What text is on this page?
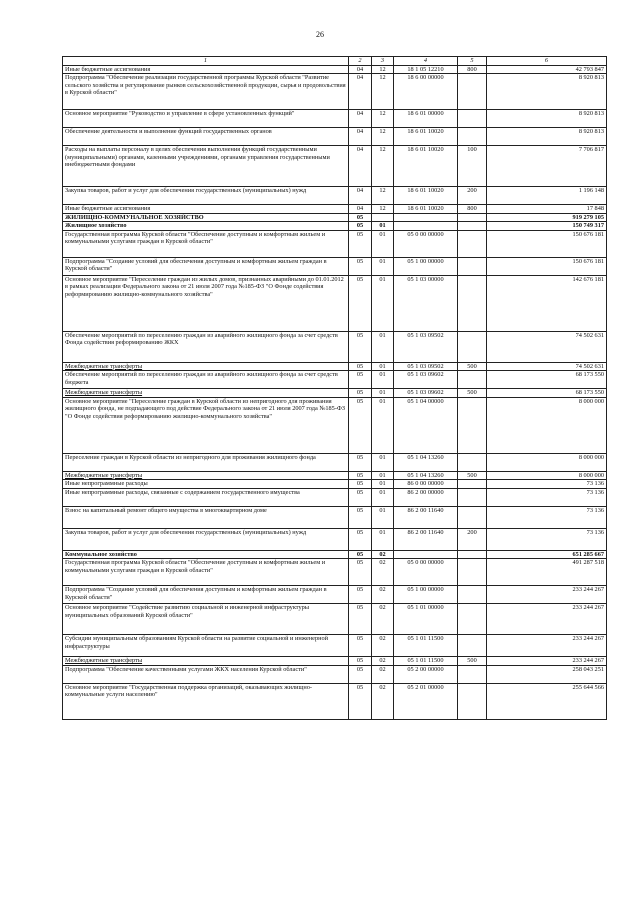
26
1	2	3	4	5	6
Иные бюджетные ассигнования	04	12	18 1 05 12210	800	42 793 847
Подпрограмма "Обеспечение реализации государственной программы Курской области "Развитие сельского хозяйства и регулирование рынков сельскохозяйственной продукции, сырья и продовольствия в Курской области"	04	12	18 6 00 00000		8 920 813
Основное мероприятие "Руководство и управление в сфере установленных функций"	04	12	18 6 01 00000		8 920 813
Обеспечение деятельности и выполнение функций государственных органов	04	12	18 6 01 10020		8 920 813
Расходы на выплаты персоналу в целях обеспечения выполнения функций государственными (муниципальными) органами, казенными учреждениями, органами управления государственными внебюджетными фондами	04	12	18 6 01 10020	100	7 706 817
Закупка товаров, работ и услуг для обеспечения государственных (муниципальных) нужд	04	12	18 6 01 10020	200	1 196 148
Иные бюджетные ассигнования	04	12	18 6 01 10020	800	17 848
ЖИЛИЩНО-КОММУНАЛЬНОЕ ХОЗЯЙСТВО	05				919 279 105
Жилищное хозяйство	05	01			150 749 317
Государственная программа Курской области "Обеспечение доступным и комфортным жильем и коммунальными услугами граждан в Курской области"	05	01	05 0 00 00000		150 676 181
Подпрограмма "Создание условий для обеспечения доступным и комфортным жильем граждан в Курской области"	05	01	05 1 00 00000		150 676 181
Основное мероприятие "Переселение граждан из жилых домов, признанных аварийными до 01.01.2012 в рамках реализации Федерального закона от 21 июля 2007 года №185-ФЗ "О Фонде содействия реформированию жилищно-коммунального хозяйства"	05	01	05 1 03 00000		142 676 181
Обеспечение мероприятий по переселению граждан из аварийного жилищного фонда за счет средств Фонда содействия реформированию ЖКХ	05	01	05 1 03 09502		74 502 631
Межбюджетные трансферты	05	01	05 1 03 09502	500	74 502 631
Обеспечение мероприятий по переселению граждан из аварийного жилищного фонда за счет средств бюджета	05	01	05 1 03 09602		68 173 550
Межбюджетные трансферты	05	01	05 1 03 09602	500	68 173 550
Основное мероприятие "Переселение граждан в Курской области из непригодного для проживания жилищного фонда, не подпадающего под действие Федерального закона от 21 июля 2007 года №185-ФЗ "О Фонде содействия реформированию жилищно-коммунального хозяйства"	05	01	05 1 04 00000		8 000 000
Переселение граждан в Курской области из непригодного для проживания жилищного фонда	05	01	05 1 04 13260		8 000 000
Межбюджетные трансферты	05	01	05 1 04 13260	500	8 000 000
Иные непрограммные расходы	05	01	86 0 00 00000		73 136
Иные непрограммные расходы, связанные с содержанием государственного имущества	05	01	86 2 00 00000		73 136
Взнос на капитальный ремонт общего имущества в многоквартирном доме	05	01	86 2 00 11640		73 136
Закупка товаров, работ и услуг для обеспечения государственных (муниципальных) нужд	05	01	86 2 00 11640	200	73 136
Коммунальное хозяйство	05	02			651 285 667
Государственная программа Курской области "Обеспечение доступным и комфортным жильем и коммунальными услугами граждан в Курской области"	05	02	05 0 00 00000		491 287 518
Подпрограмма "Создание условий для обеспечения доступным и комфортным жильем граждан в Курской области"	05	02	05 1 00 00000		233 244 267
Основное мероприятие "Содействие развитию социальной и инженерной инфраструктуры муниципальных образований Курской области"	05	02	05 1 01 00000		233 244 267
Субсидии муниципальным образованиям Курской области на развитие социальной и инженерной инфраструктуры	05	02	05 1 01 11500		233 244 267
Межбюджетные трансферты	05	02	05 1 01 11500	500	233 244 267
Подпрограмма "Обеспечение качественными услугами ЖКХ населения Курской области"	05	02	05 2 00 00000		258 043 251
Основное мероприятие "Государственная поддержка организаций, оказывающих жилищно-коммунальные услуги населению"	05	02	05 2 01 00000		255 644 566
